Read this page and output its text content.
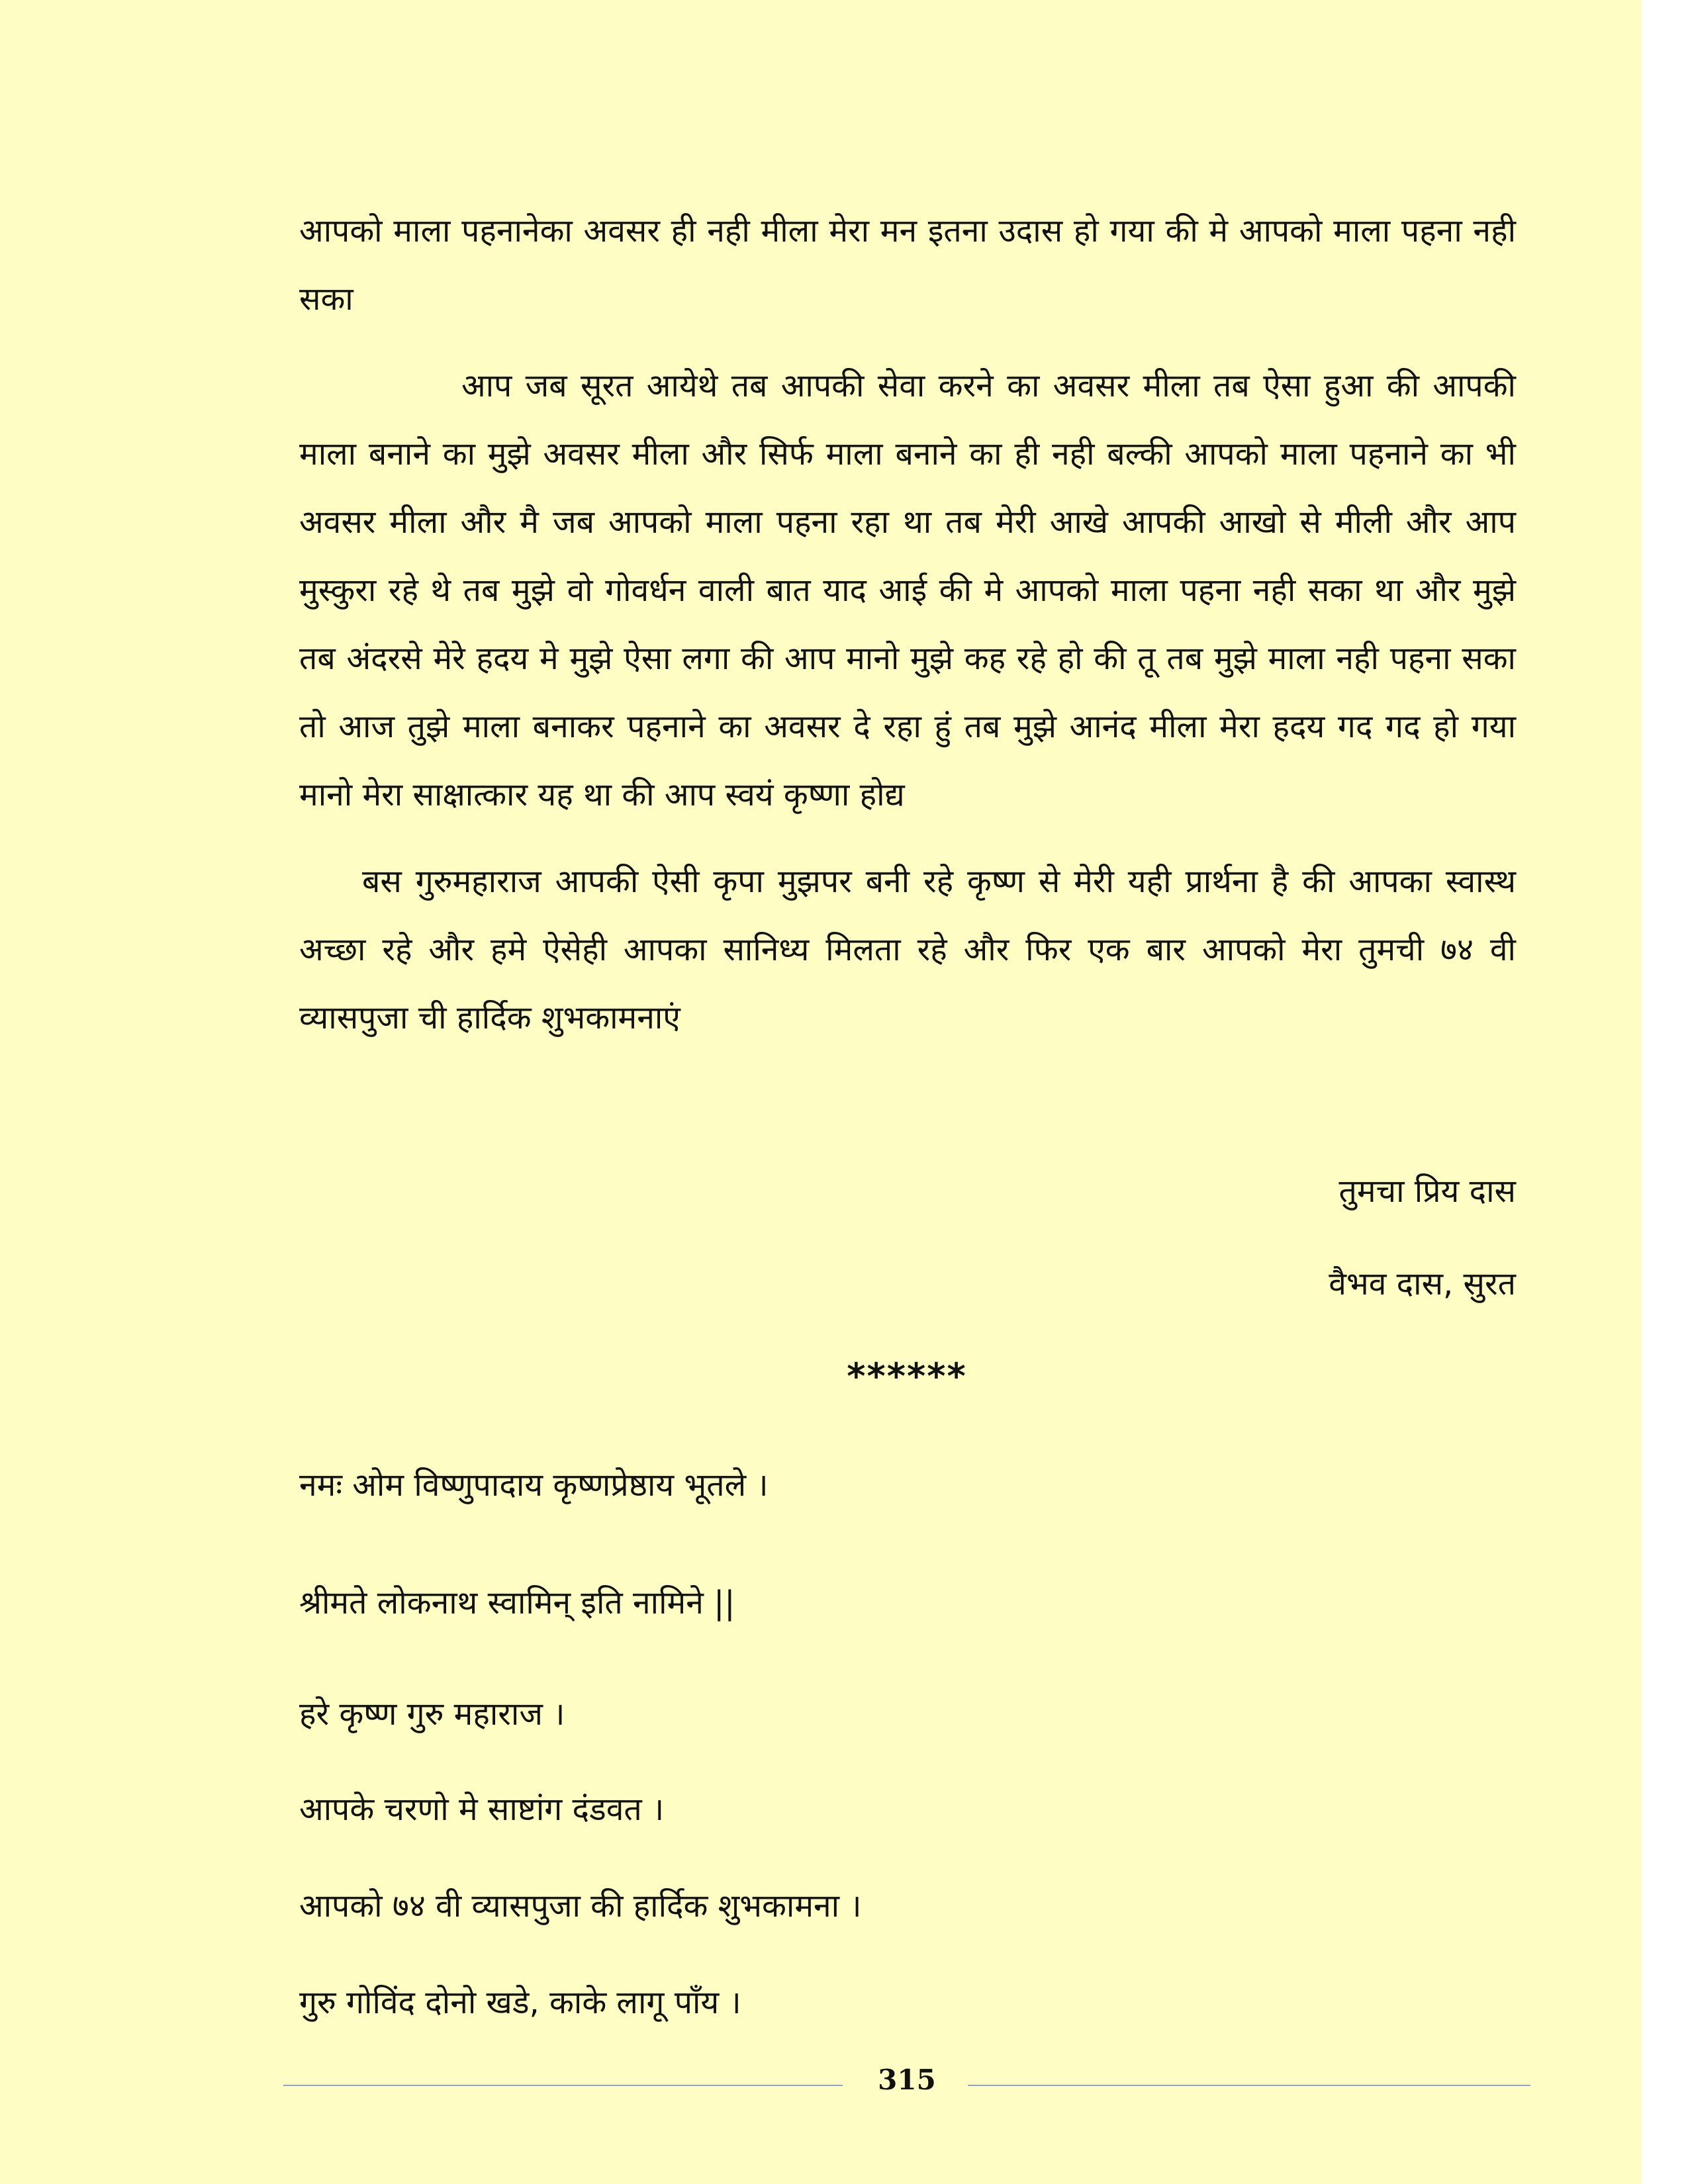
आपको माला पहनानेका अवसर ही नही मीला मेरा मन इतना उदास हो गया की मे आपको माला पहना नही सका

आप जब सूरत आयेथे तब आपकी सेवा करने का अवसर मीला तब ऐसा हुआ की आपकी माला बनाने का मुझे अवसर मीला और सिर्फ माला बनाने का ही नही बल्की आपको माला पहनाने का भी अवसर मीला और मै जब आपको माला पहना रहा था तब मेरी आखे आपकी आखो से मीली और आप मुस्कुरा रहे थे तब मुझे वो गोवर्धन वाली बात याद आई की मे आपको माला पहना नही सका था और मुझे तब अंदरसे मेरे हदय मे मुझे ऐसा लगा की आप मानो मुझे कह रहे हो की तू तब मुझे माला नही पहना सका तो आज तुझे माला बनाकर पहनाने का अवसर दे रहा हुं तब मुझे आनंद मीला मेरा हदय गद गद हो गया मानो मेरा साक्षात्कार यह था की आप स्वयं कृष्णा होद्य

बस गुरुमहाराज आपकी ऐसी कृपा मुझपर बनी रहे कृष्ण से मेरी यही प्रार्थना है की आपका स्वास्थ अच्छा रहे और हमे ऐसेही आपका सानिध्य मिलता रहे और फिर एक बार आपको मेरा तुमची ७४ वी व्यासपुजा ची हार्दिक शुभकामनाएं

तुमचा प्रिय दास
वैभव दास, सुरत
******
नमः ओम विष्णुपादाय कृष्णप्रेष्ठाय भूतले ।
श्रीमते लोकनाथ स्वामिन् इति नामिने ||
हरे कृष्ण गुरु महाराज ।
आपके चरणो मे साष्टांग दंडवत ।
आपको ७४ वी व्यासपुजा की हार्दिक शुभकामना ।
गुरु गोविंद दोनो खडे, काके लागू पाँय ।
315
